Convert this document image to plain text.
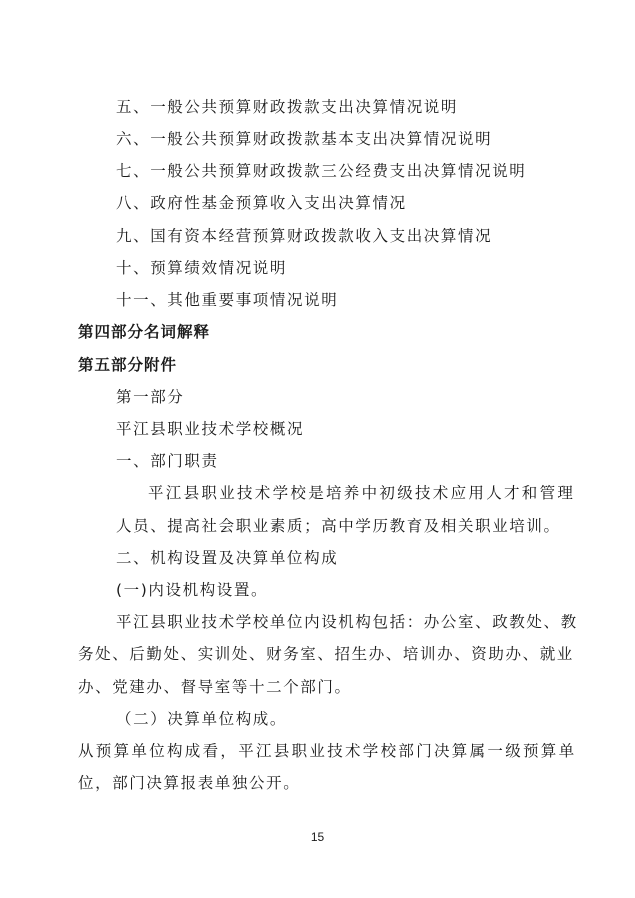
五、一般公共预算财政拨款支出决算情况说明
六、一般公共预算财政拨款基本支出决算情况说明
七、一般公共预算财政拨款三公经费支出决算情况说明
八、政府性基金预算收入支出决算情况
九、国有资本经营预算财政拨款收入支出决算情况
十、预算绩效情况说明
十一、其他重要事项情况说明
第四部分名词解释
第五部分附件
第一部分
平江县职业技术学校概况
一、部门职责
平江县职业技术学校是培养中初级技术应用人才和管理
人员、提高社会职业素质；高中学历教育及相关职业培训。
二、机构设置及决算单位构成
(一)内设机构设置。
平江县职业技术学校单位内设机构包括：办公室、政教处、教
务处、后勤处、实训处、财务室、招生办、培训办、资助办、就业
办、党建办、督导室等十二个部门。
（二）决算单位构成。
从预算单位构成看，平江县职业技术学校部门决算属一级预算单
位，部门决算报表单独公开。
15
